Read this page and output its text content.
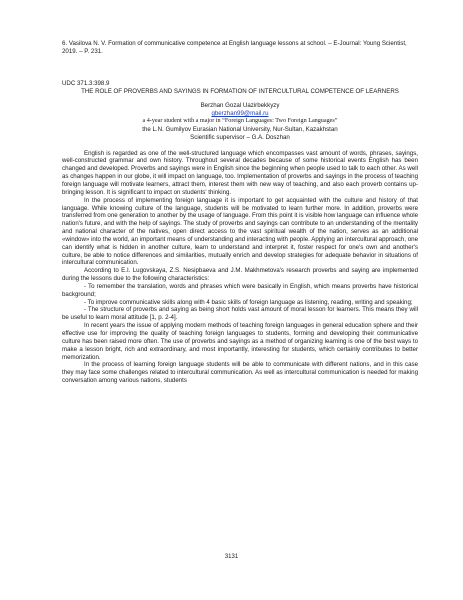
6. Vasilova N. V. Formation of communicative competence at English language lessons at school. – E-Journal: Young Scientist, 2019. – P. 231.

UDC 371.3:398.9

THE ROLE OF PROVERBS AND SAYINGS IN FORMATION OF INTERCULTURAL COMPETENCE OF LEARNERS

Berzhan Gozal Uazirbekkyzy

gberzhan99@mail.ru

a 4-year student with a major in “Foreign Languages: Two Foreign Languages”

the L.N. Gumilyov Eurasian National University, Nur-Sultan, Kazakhstan

Scientific supervisor – G.A. Doszhan

English is regarded as one of the well-structured language which encompasses vast amount of words, phrases, sayings, well-constructed grammar and own history. Throughout several decades because of some historical events English has been changed and developed. Proverbs and sayings were in English since the beginning when people used to talk to each other. As well as changes happen in our globe, it will impact on language, too. Implementation of proverbs and sayings in the process of teaching foreign language will motivate learners, attract them, interest them with new way of teaching, and also each proverb contains up-bringing lesson. It is significant to impact on students' thinking.

In the process of implementing foreign language it is important to get acquainted with the culture and history of that language. While knowing culture of the language, students will be motivated to learn further more. In addition, proverbs were transferred from one generation to another by the usage of language. From this point it is visible how language can influence whole nation's future, and with the help of sayings. The study of proverbs and sayings can contribute to an understanding of the mentality and national character of the natives, open direct access to the vast spiritual wealth of the nation, serves as an additional «window» into the world, an important means of understanding and interacting with people. Applying an intercultural approach, one can identify what is hidden in another culture, learn to understand and interpret it, foster respect for one's own and another's culture, be able to notice differences and similarities, mutually enrich and develop strategies for adequate behavior in situations of intercultural communication.

According to E.I. Lugovskaya, Z.S. Nesipbaeva and J.M. Makhmetova's research proverbs and saying are implemented during the lessons due to the following characteristics:

- To remember the translation, words and phrases which were basically in English, which means proverbs have historical background;

- To improve communicative skills along with 4 basic skills of foreign language as listening, reading, writing and speaking;

- The structure of proverbs and saying as being short holds vast amount of moral lesson for learners. This means they will be useful to learn moral attitude [1, p. 2-4].

In recent years the issue of applying modern methods of teaching foreign languages in general education sphere and their effective use for improving the quality of teaching foreign languages to students, forming and developing their communicative culture has been raised more often. The use of proverbs and sayings as a method of organizing learning is one of the best ways to make a lesson bright, rich and extraordinary, and most importantly, interesting for students, which certainly contributes to better memorization.

In the process of learning foreign language students will be able to communicate with different nations, and in this case they may face some challenges related to intercultural communication. As well as intercultural communication is needed for making conversation among various nations, students

3131
